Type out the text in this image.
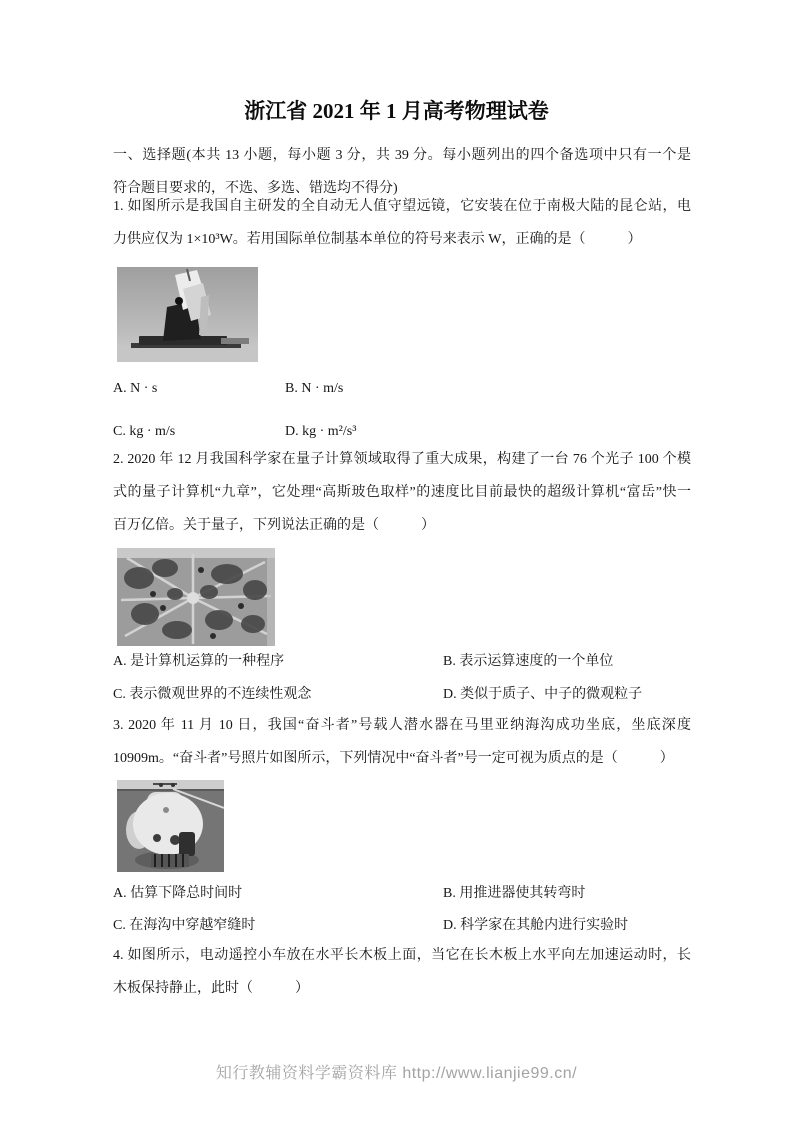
浙江省 2021 年 1 月高考物理试卷
一、选择题(本共 13 小题，每小题 3 分，共 39 分。每小题列出的四个备选项中只有一个是
符合题目要求的，不选、多选、错选均不得分)
1. 如图所示是我国自主研发的全自动无人值守望远镜，它安装在位于南极大陆的昆仑站，电
力供应仅为 1×10³W。若用国际单位制基本单位的符号来表示 W，正确的是（　　　）
A. N · s	B. N · m/s
C. kg · m/s	D. kg · m²/s³
2. 2020 年 12 月我国科学家在量子计算领域取得了重大成果，构建了一台 76 个光子 100 个模
式的量子计算机“九章”，它处理“高斯玻色取样”的速度比目前最快的超级计算机“富岳”快一
百万亿倍。关于量子，下列说法正确的是（　　　）
A. 是计算机运算的一种程序	B. 表示运算速度的一个单位
C. 表示微观世界的不连续性观念	D. 类似于质子、中子的微观粒子
3. 2020 年 11 月 10 日，我国“奋斗者”号载人潜水器在马里亚纳海沟成功坐底，坐底深度
10909m。“奋斗者”号照片如图所示，下列情况中“奋斗者”号一定可视为质点的是（　　　）
A. 估算下降总时间时	B. 用推进器使其转弯时
C. 在海沟中穿越窄缝时	D. 科学家在其舱内进行实验时
4. 如图所示，电动遥控小车放在水平长木板上面，当它在长木板上水平向左加速运动时，长
木板保持静止，此时（　　　）
知行教辅资料学霸资料库 http://www.lianjie99.cn/
